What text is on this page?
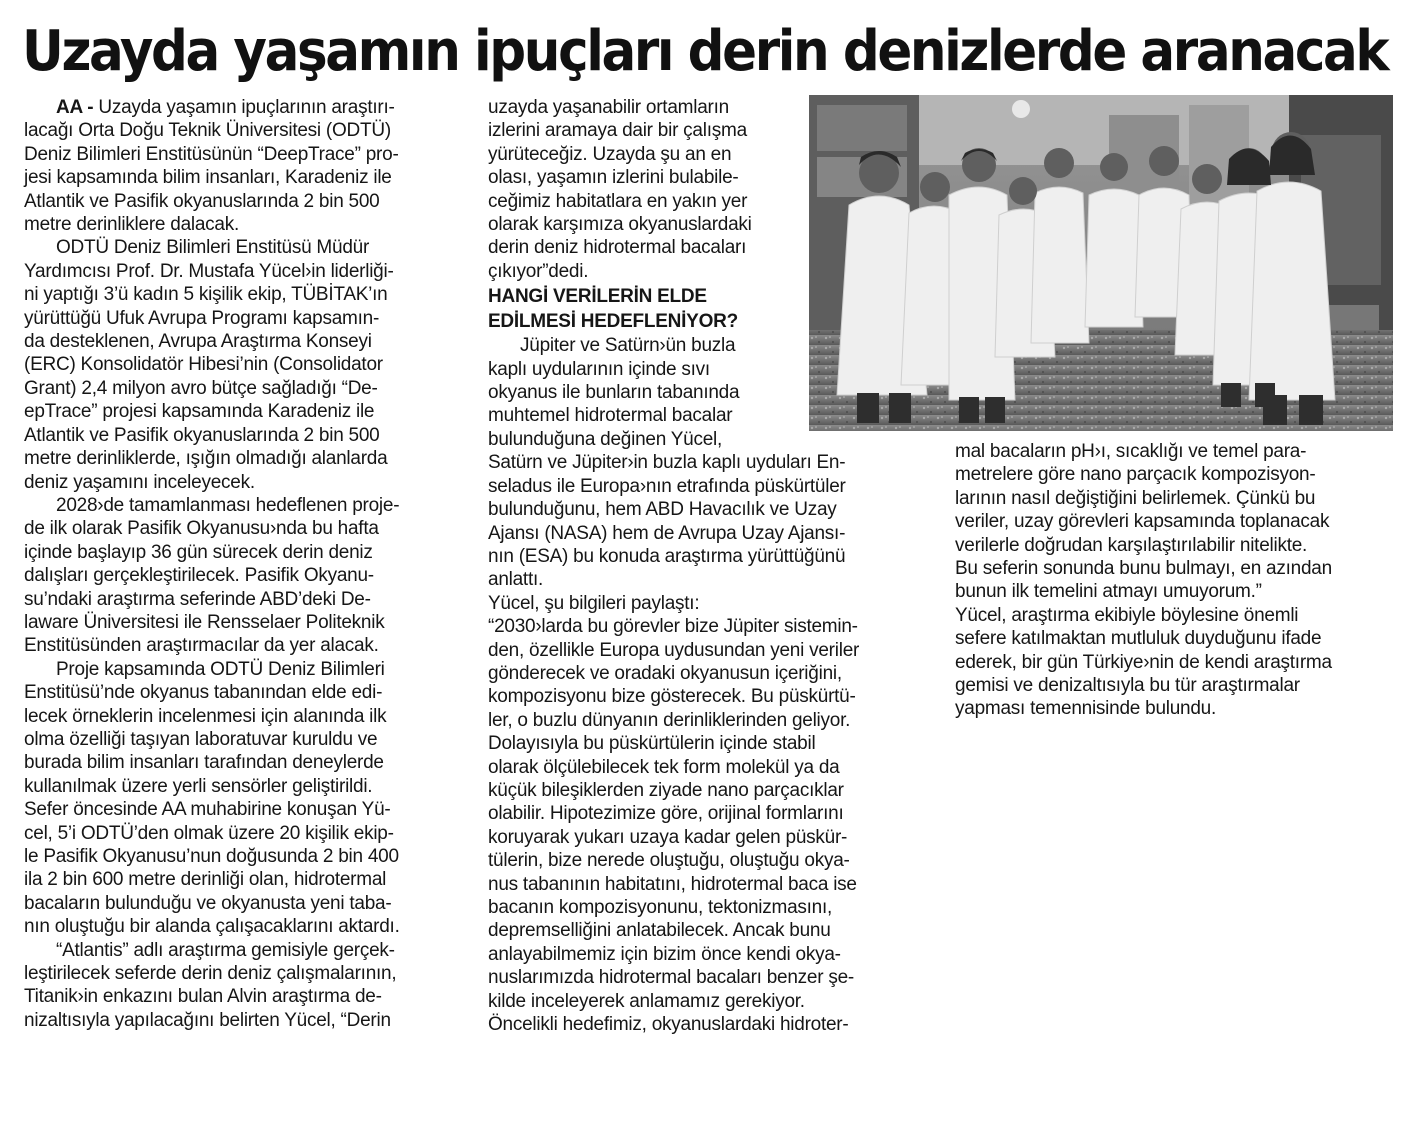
Uzayda yaşamın ipuçları derin denizlerde aranacak

AA - Uzayda yaşamın ipuçlarının araştırı-
lacağı Orta Doğu Teknik Üniversitesi (ODTÜ)
Deniz Bilimleri Enstitüsünün “DeepTrace” pro-
jesi kapsamında bilim insanları, Karadeniz ile
Atlantik ve Pasifik okyanuslarında 2 bin 500
metre derinliklere dalacak.

ODTÜ Deniz Bilimleri Enstitüsü Müdür
Yardımcısı Prof. Dr. Mustafa Yücel›in liderliği-
ni yaptığı 3’ü kadın 5 kişilik ekip, TÜBİTAK’ın
yürüttüğü Ufuk Avrupa Programı kapsamın-
da desteklenen, Avrupa Araştırma Konseyi
(ERC) Konsolidatör Hibesi’nin (Consolidator
Grant) 2,4 milyon avro bütçe sağladığı “De-
epTrace” projesi kapsamında Karadeniz ile
Atlantik ve Pasifik okyanuslarında 2 bin 500
metre derinliklerde, ışığın olmadığı alanlarda
deniz yaşamını inceleyecek.

2028›de tamamlanması hedeflenen proje-
de ilk olarak Pasifik Okyanusu›nda bu hafta
içinde başlayıp 36 gün sürecek derin deniz
dalışları gerçekleştirilecek. Pasifik Okyanu-
su’ndaki araştırma seferinde ABD’deki De-
laware Üniversitesi ile Rensselaer Politeknik
Enstitüsünden araştırmacılar da yer alacak.

Proje kapsamında ODTÜ Deniz Bilimleri
Enstitüsü’nde okyanus tabanından elde edi-
lecek örneklerin incelenmesi için alanında ilk
olma özelliği taşıyan laboratuvar kuruldu ve
burada bilim insanları tarafından deneylerde
kullanılmak üzere yerli sensörler geliştirildi.
Sefer öncesinde AA muhabirine konuşan Yü-
cel, 5’i ODTÜ’den olmak üzere 20 kişilik ekip-
le Pasifik Okyanusu’nun doğusunda 2 bin 400
ila 2 bin 600 metre derinliği olan, hidrotermal
bacaların bulunduğu ve okyanusta yeni taba-
nın oluştuğu bir alanda çalışacaklarını aktardı.

“Atlantis” adlı araştırma gemisiyle gerçek-
leştirilecek seferde derin deniz çalışmalarının,
Titanik›in enkazını bulan Alvin araştırma de-
nizaltısıyla yapılacağını belirten Yücel, “Derin

uzayda yaşanabilir ortamların
izlerini aramaya dair bir çalışma
yürüteceğiz. Uzayda şu an en
olası, yaşamın izlerini bulabile-
ceğimiz habitatlara en yakın yer
olarak karşımıza okyanuslardaki
derin deniz hidrotermal bacaları
çıkıyor”dedi.

HANGİ VERİLERİN ELDE
EDİLMESİ HEDEFLENİYOR?

Jüpiter ve Satürn›ün buzla
kaplı uydularının içinde sıvı
okyanus ile bunların tabanında
muhtemel hidrotermal bacalar
bulunduğuna değinen Yücel,

Satürn ve Jüpiter›in buzla kaplı uyduları En-
seladus ile Europa›nın etrafında püskürtüler
bulunduğunu, hem ABD Havacılık ve Uzay
Ajansı (NASA) hem de Avrupa Uzay Ajansı-
nın (ESA) bu konuda araştırma yürüttüğünü
anlattı.

Yücel, şu bilgileri paylaştı:

“2030›larda bu görevler bize Jüpiter sistemin-
den, özellikle Europa uydusundan yeni veriler
gönderecek ve oradaki okyanusun içeriğini,
kompozisyonu bize gösterecek. Bu püskürtü-
ler, o buzlu dünyanın derinliklerinden geliyor.
Dolayısıyla bu püskürtülerin içinde stabil
olarak ölçülebilecek tek form molekül ya da
küçük bileşiklerden ziyade nano parçacıklar
olabilir. Hipotezimize göre, orijinal formlarını
koruyarak yukarı uzaya kadar gelen püskür-
tülerin, bize nerede oluştuğu, oluştuğu okya-
nus tabanının habitatını, hidrotermal baca ise
bacanın kompozisyonunu, tektonizmasını,
depremselliğini anlatabilecek. Ancak bunu
anlayabilmemiz için bizim önce kendi okya-
nuslarımızda hidrotermal bacaları benzer şe-
kilde inceleyerek anlamamız gerekiyor.
Öncelikli hedefimiz, okyanuslardaki hidroter-

mal bacaların pH›ı, sıcaklığı ve temel para-
metrelere göre nano parçacık kompozisyon-
larının nasıl değiştiğini belirlemek. Çünkü bu
veriler, uzay görevleri kapsamında toplanacak
verilerle doğrudan karşılaştırılabilir nitelikte.
Bu seferin sonunda bunu bulmayı, en azından
bunun ilk temelini atmayı umuyorum.”

Yücel, araştırma ekibiyle böylesine önemli
sefere katılmaktan mutluluk duyduğunu ifade
ederek, bir gün Türkiye›nin de kendi araştırma
gemisi ve denizaltısıyla bu tür araştırmalar
yapması temennisinde bulundu.
